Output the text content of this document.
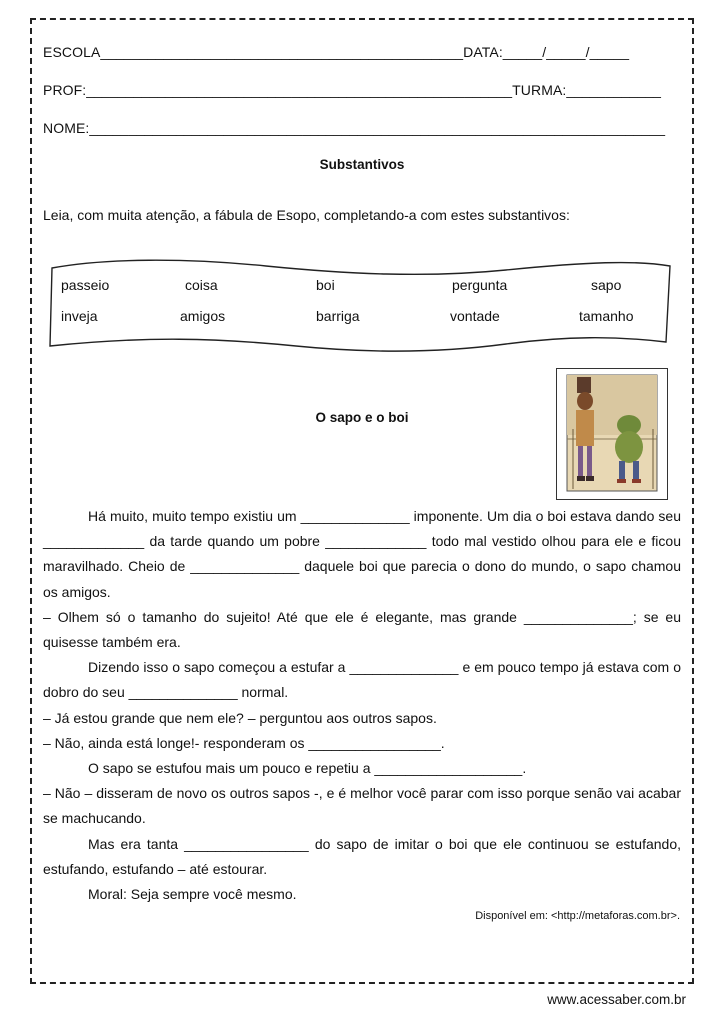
ESCOLA______________________________________________DATA:_____/_____/_____
PROF:______________________________________________________TURMA:____________
NOME:_________________________________________________________________________
Substantivos
Leia, com muita atenção, a fábula de Esopo, completando-a com estes substantivos:
passeio	coisa	boi	pergunta	sapo
inveja	amigos	barriga	vontade	tamanho
O sapo e o boi

Há muito, muito tempo existiu um ______________ imponente. Um dia o boi estava dando seu _____________ da tarde quando um pobre _____________ todo mal vestido olhou para ele e ficou maravilhado. Cheio de ______________ daquele boi que parecia o dono do mundo, o sapo chamou os amigos.

– Olhem só o tamanho do sujeito! Até que ele é elegante, mas grande ______________; se eu quisesse também era.

Dizendo isso o sapo começou a estufar a ______________ e em pouco tempo já estava com o dobro do seu ______________ normal.

– Já estou grande que nem ele? – perguntou aos outros sapos.

– Não, ainda está longe!- responderam os _________________.

O sapo se estufou mais um pouco e repetiu a ___________________.

– Não – disseram de novo os outros sapos -, e é melhor você parar com isso porque senão vai acabar se machucando.

Mas era tanta ________________ do sapo de imitar o boi que ele continuou se estufando, estufando, estufando – até estourar.

Moral: Seja sempre você mesmo.

Disponível em: <http://metaforas.com.br>.
www.acessaber.com.br
